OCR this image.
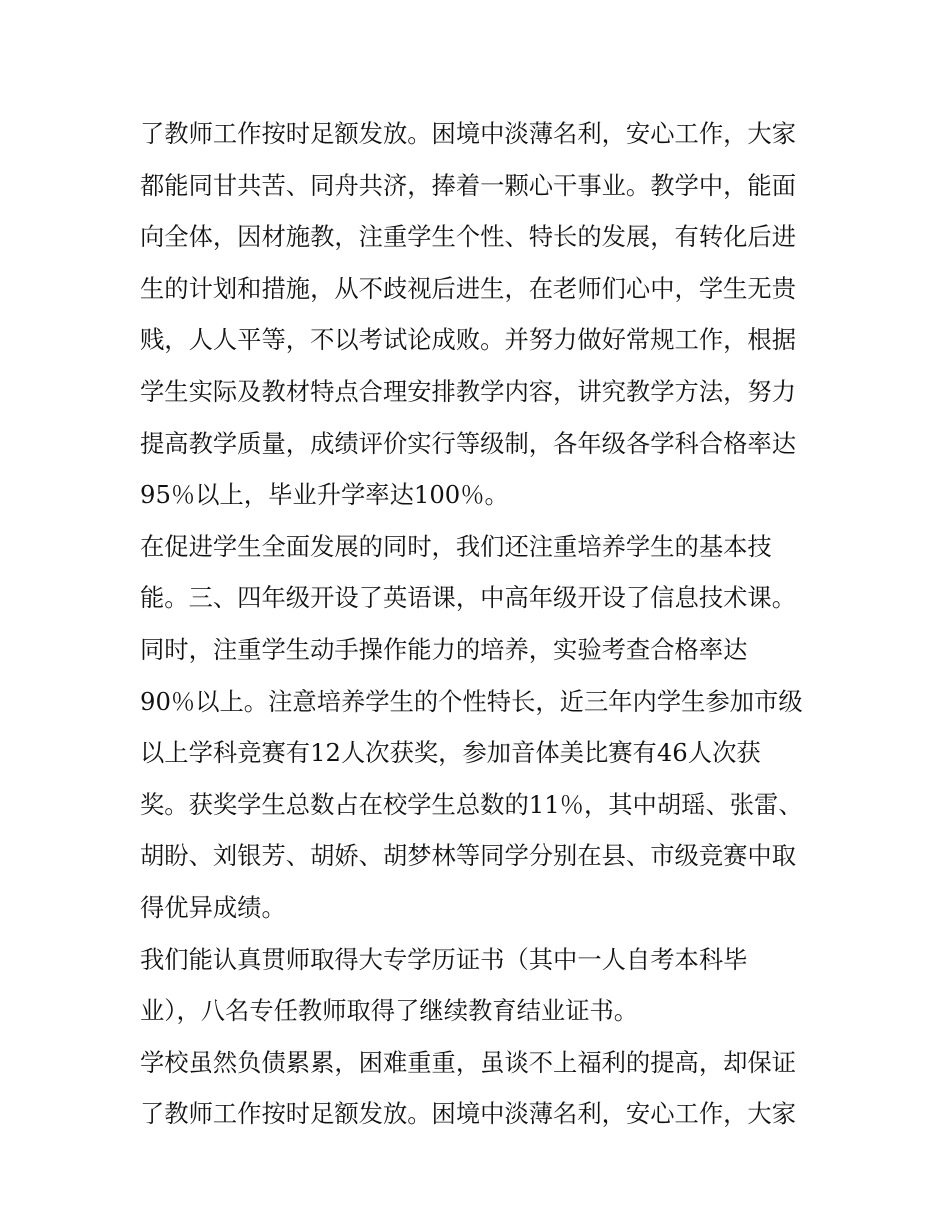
了教师工作按时足额发放。困境中淡薄名利，安心工作，大家
都能同甘共苦、同舟共济，捧着一颗心干事业。教学中，能面
向全体，因材施教，注重学生个性、特长的发展，有转化后进
生的计划和措施，从不歧视后进生，在老师们心中，学生无贵
贱，人人平等，不以考试论成败。并努力做好常规工作，根据
学生实际及教材特点合理安排教学内容，讲究教学方法，努力
提高教学质量，成绩评价实行等级制，各年级各学科合格率达
95％以上，毕业升学率达100％。
在促进学生全面发展的同时，我们还注重培养学生的基本技
能。三、四年级开设了英语课，中高年级开设了信息技术课。
同时，注重学生动手操作能力的培养，实验考查合格率达
90％以上。注意培养学生的个性特长，近三年内学生参加市级
以上学科竞赛有12人次获奖，参加音体美比赛有46人次获
奖。获奖学生总数占在校学生总数的11％，其中胡瑶、张雷、
胡盼、刘银芳、胡娇、胡梦林等同学分别在县、市级竞赛中取
得优异成绩。
我们能认真贯师取得大专学历证书（其中一人自考本科毕
业），八名专任教师取得了继续教育结业证书。
学校虽然负债累累，困难重重，虽谈不上福利的提高，却保证
了教师工作按时足额发放。困境中淡薄名利，安心工作，大家
